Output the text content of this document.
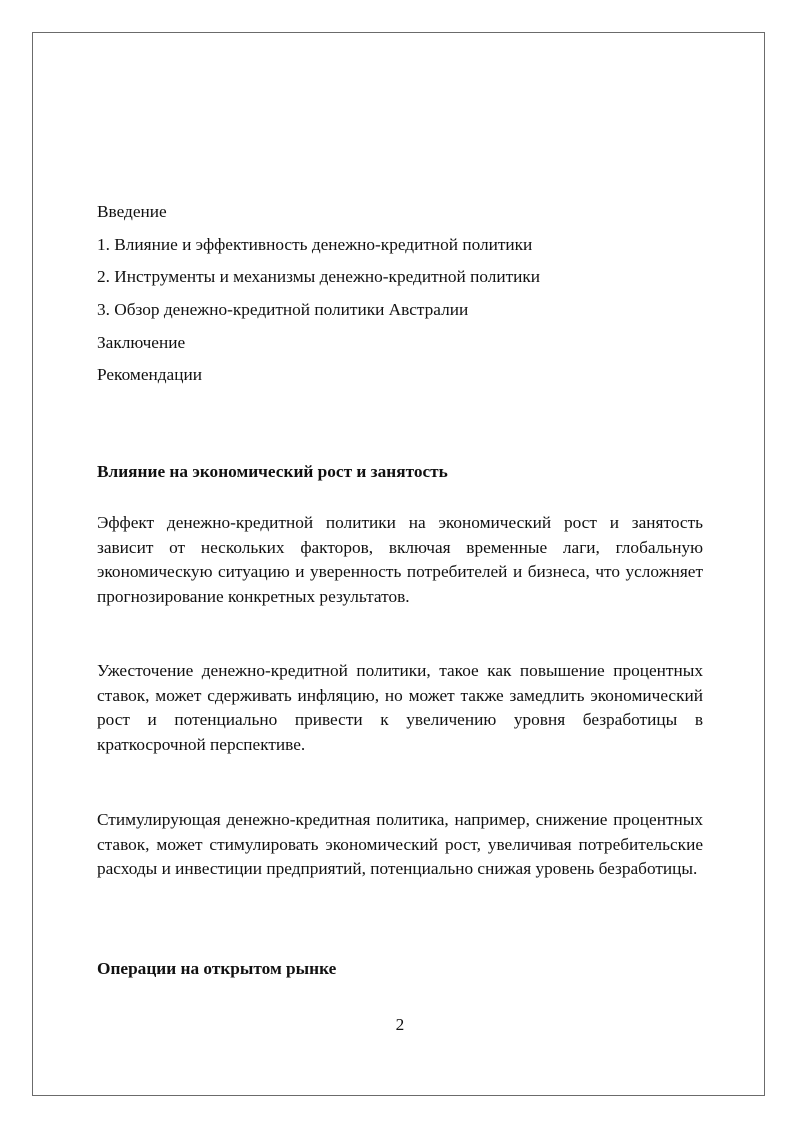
Введение
1. Влияние и эффективность денежно-кредитной политики
2. Инструменты и механизмы денежно-кредитной политики
3. Обзор денежно-кредитной политики Австралии
Заключение
Рекомендации
Влияние на экономический рост и занятость
Эффект денежно-кредитной политики на экономический рост и занятость зависит от нескольких факторов, включая временные лаги, глобальную экономическую ситуацию и уверенность потребителей и бизнеса, что усложняет прогнозирование конкретных результатов.
Ужесточение денежно-кредитной политики, такое как повышение процентных ставок, может сдерживать инфляцию, но может также замедлить экономический рост и потенциально привести к увеличению уровня безработицы в краткосрочной перспективе.
Стимулирующая денежно-кредитная политика, например, снижение процентных ставок, может стимулировать экономический рост, увеличивая потребительские расходы и инвестиции предприятий, потенциально снижая уровень безработицы.
Операции на открытом рынке
2
